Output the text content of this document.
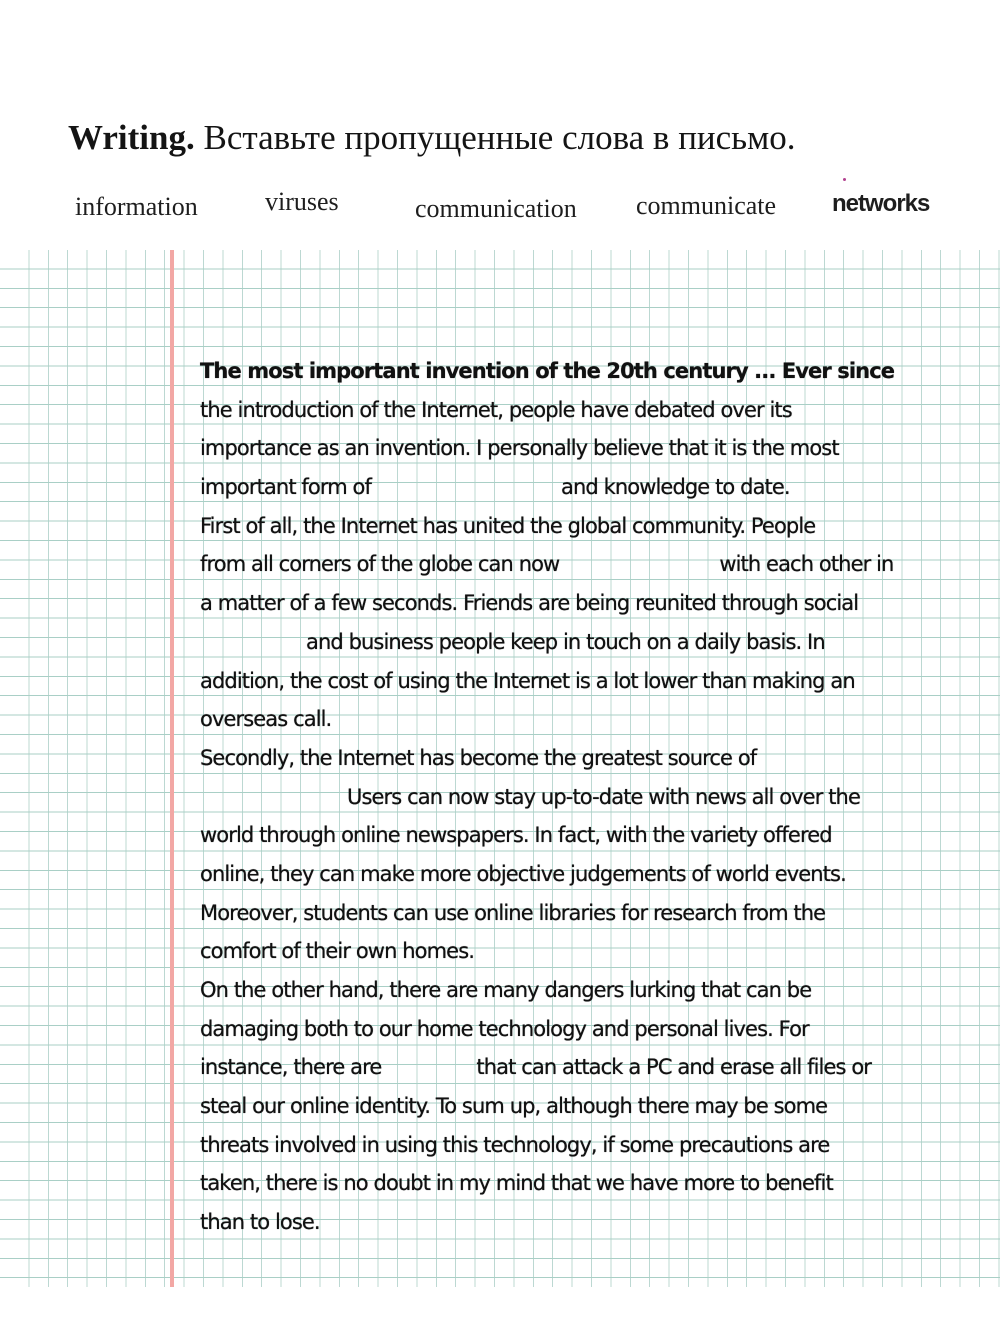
Writing. Вставьте пропущенные слова в письмо.
information	viruses	communication communicate networks
The most important invention of the 20th century ... Ever since
the introduction of the Internet, people have debated over its
importance as an invention. I personally believe that it is the most
important form of	and knowledge to date.
First of all, the Internet has united the global community. People
from all corners of the globe can now	with each other in
a matter of a few seconds. Friends are being reunited through social
and business people keep in touch on a daily basis. In
addition, the cost of using the Internet is a lot lower than making an
overseas call.
Secondly, the Internet has become the greatest source of
Users can now stay up-to-date with news all over the
world through online newspapers. In fact, with the variety offered
online, they can make more objective judgements of world events.
Moreover, students can use online libraries for research from the
comfort of their own homes.
On the other hand, there are many dangers lurking that can be
damaging both to our home technology and personal lives. For
instance, there are	that can attack a PC and erase all files or
steal our online identity. To sum up, although there may be some
threats involved in using this technology, if some precautions are
taken, there is no doubt in my mind that we have more to benefit
than to lose.
